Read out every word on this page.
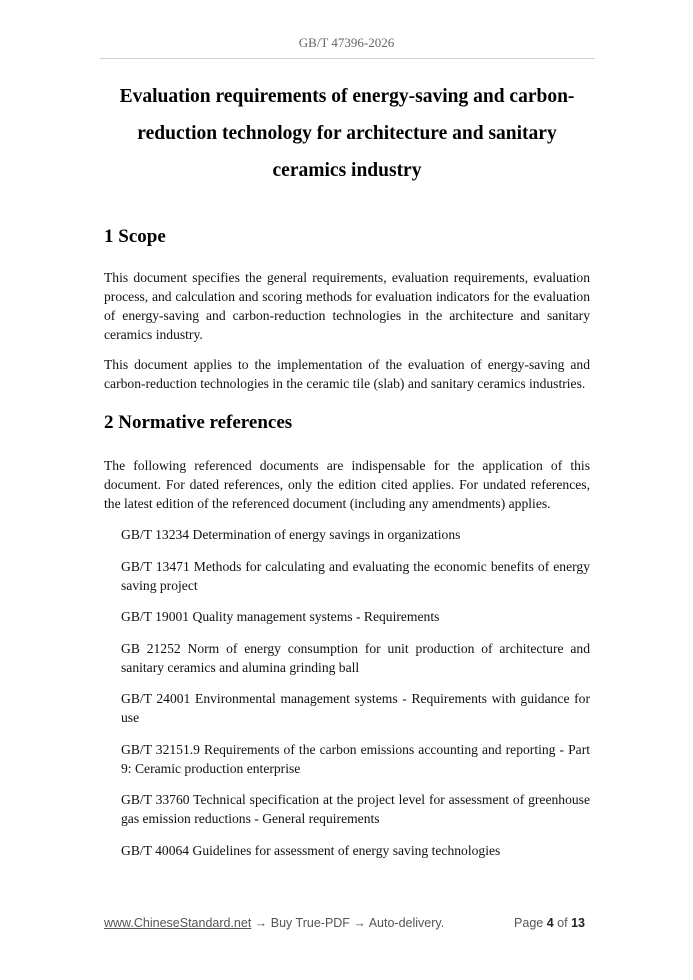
GB/T 47396-2026
Evaluation requirements of energy-saving and carbon-reduction technology for architecture and sanitary ceramics industry
1 Scope

This document specifies the general requirements, evaluation requirements, evaluation process, and calculation and scoring methods for evaluation indicators for the evaluation of energy-saving and carbon-reduction technologies in the architecture and sanitary ceramics industry.

This document applies to the implementation of the evaluation of energy-saving and carbon-reduction technologies in the ceramic tile (slab) and sanitary ceramics industries.

2 Normative references

The following referenced documents are indispensable for the application of this document. For dated references, only the edition cited applies. For undated references, the latest edition of the referenced document (including any amendments) applies.

GB/T 13234 Determination of energy savings in organizations

GB/T 13471 Methods for calculating and evaluating the economic benefits of energy saving project

GB/T 19001 Quality management systems - Requirements

GB 21252 Norm of energy consumption for unit production of architecture and sanitary ceramics and alumina grinding ball

GB/T 24001 Environmental management systems - Requirements with guidance for use

GB/T 32151.9 Requirements of the carbon emissions accounting and reporting - Part 9: Ceramic production enterprise

GB/T 33760 Technical specification at the project level for assessment of greenhouse gas emission reductions - General requirements

GB/T 40064 Guidelines for assessment of energy saving technologies

www.ChineseStandard.net → Buy True-PDF → Auto-delivery.	Page 4 of 13
